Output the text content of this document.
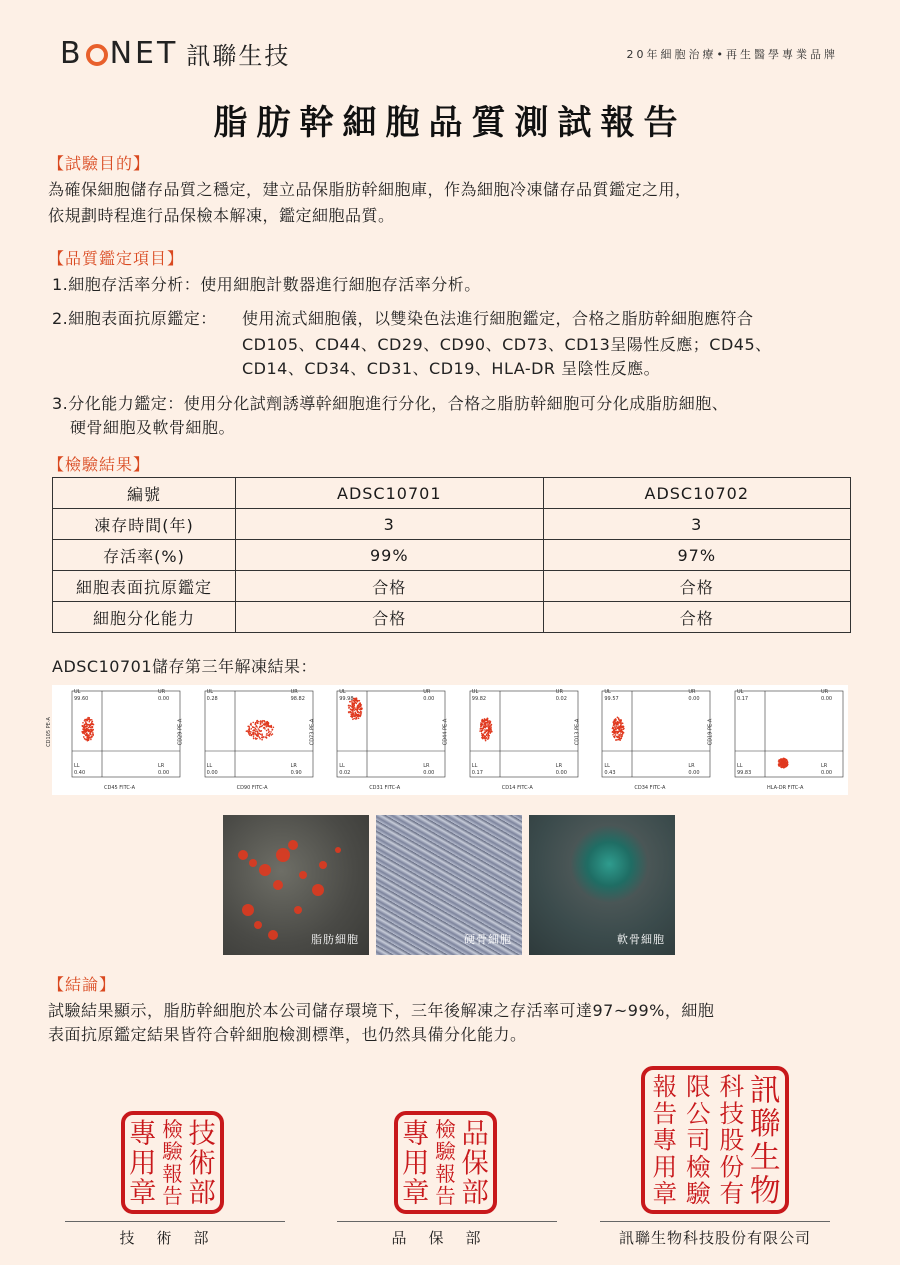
B NET 訊聯生技	20年細胞治療•再生醫學專業品牌
脂肪幹細胞品質測試報告
【試驗目的】
為確保細胞儲存品質之穩定，建立品保脂肪幹細胞庫，作為細胞冷凍儲存品質鑑定之用，
依規劃時程進行品保檢本解凍，鑑定細胞品質。
【品質鑑定項目】
1.細胞存活率分析：使用細胞計數器進行細胞存活率分析。
2.細胞表面抗原鑑定： 使用流式細胞儀，以雙染色法進行細胞鑑定，合格之脂肪幹細胞應符合
CD105、CD44、CD29、CD90、CD73、CD13呈陽性反應；CD45、
CD14、CD34、CD31、CD19、HLA-DR 呈陰性反應。
3.分化能力鑑定：使用分化試劑誘導幹細胞進行分化，合格之脂肪幹細胞可分化成脂肪細胞、
硬骨細胞及軟骨細胞。
【檢驗結果】
編號	ADSC10701	ADSC10702
凍存時間(年)	3	3
存活率(%)	99%	97%
細胞表面抗原鑑定	合格	合格
細胞分化能力	合格	合格
ADSC10701儲存第三年解凍結果：
UL
99.60
UR
0.00
LL
0.40
LR
0.00
CD45 FITC-A
CD105 PE-A
UL
0.28
UR
98.82
LL
0.00
LR
0.90
CD90 FITC-A
CD29 PE-A
UL
99.98
UR
0.00
LL
0.02
LR
0.00
CD31 FITC-A
CD73 PE-A
UL
99.82
UR
0.02
LL
0.17
LR
0.00
CD14 FITC-A
CD44 PE-A
UL
99.57
UR
0.00
LL
0.43
LR
0.00
CD34 FITC-A
CD13 PE-A
UL
0.17
UR
0.00
LL
99.83
LR
0.00
HLA-DR FITC-A
CD19 PE-A
脂肪細胞	硬骨細胞	軟骨細胞
【結論】
試驗結果顯示，脂肪幹細胞於本公司儲存環境下，三年後解凍之存活率可達97~99%，細胞
表面抗原鑑定結果皆符合幹細胞檢測標準，也仍然具備分化能力。
專
用
章
檢
驗
報
告
技
術
部
技術部
專
用
章
檢
驗
報
告
品
保
部
品保部
報
告
專
用
章
限
公
司
檢
驗
科
技
股
份
有
訊
聯
生
物
訊聯生物科技股份有限公司
